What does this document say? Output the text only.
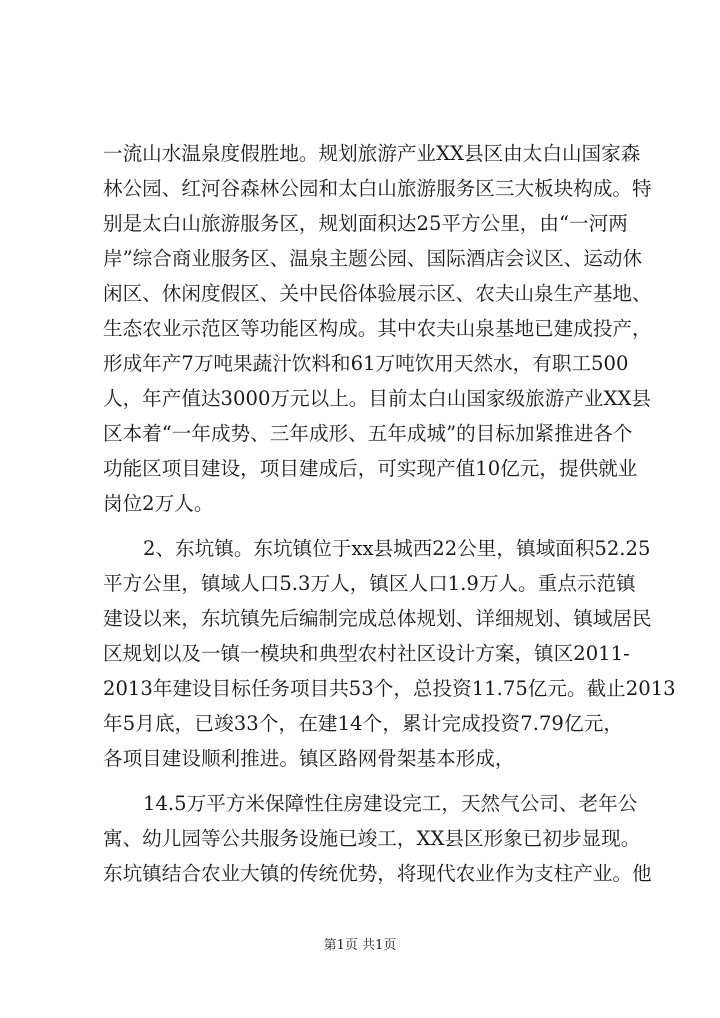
一流山水温泉度假胜地。规划旅游产业XX县区由太白山国家森
林公园、红河谷森林公园和太白山旅游服务区三大板块构成。特
别是太白山旅游服务区，规划面积达25平方公里，由“一河两
岸”综合商业服务区、温泉主题公园、国际酒店会议区、运动休
闲区、休闲度假区、关中民俗体验展示区、农夫山泉生产基地、
生态农业示范区等功能区构成。其中农夫山泉基地已建成投产，
形成年产7万吨果蔬汁饮料和61万吨饮用天然水，有职工500
人，年产值达3000万元以上。目前太白山国家级旅游产业XX县
区本着“一年成势、三年成形、五年成城”的目标加紧推进各个
功能区项目建设，项目建成后，可实现产值10亿元，提供就业
岗位2万人。
2、东坑镇。东坑镇位于xx县城西22公里，镇域面积52.25
平方公里，镇域人口5.3万人，镇区人口1.9万人。重点示范镇
建设以来，东坑镇先后编制完成总体规划、详细规划、镇域居民
区规划以及一镇一模块和典型农村社区设计方案，镇区2011-
2013年建设目标任务项目共53个，总投资11.75亿元。截止2013
年5月底，已竣33个，在建14个，累计完成投资7.79亿元，
各项目建设顺利推进。镇区路网骨架基本形成，
14.5万平方米保障性住房建设完工，天然气公司、老年公
寓、幼儿园等公共服务设施已竣工，XX县区形象已初步显现。
东坑镇结合农业大镇的传统优势，将现代农业作为支柱产业。他
第1页 共1页
